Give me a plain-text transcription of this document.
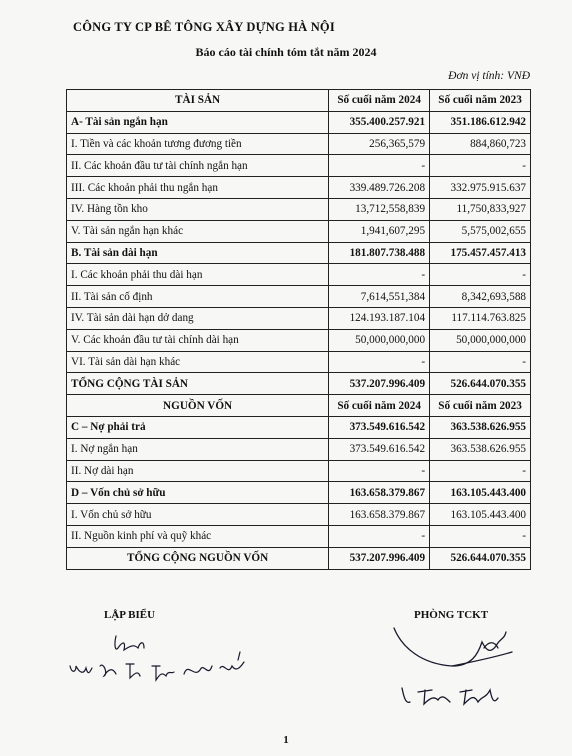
CÔNG TY CP BÊ TÔNG XÂY DỰNG HÀ NỘI
Báo cáo tài chính tóm tắt năm 2024
Đơn vị tính: VNĐ
TÀI SẢN	Số cuối năm 2024	Số cuối năm 2023
A- Tài sản ngắn hạn	355.400.257.921	351.186.612.942
I. Tiền và các khoản tương đương tiền	256,365,579	884,860,723
II. Các khoản đầu tư tài chính ngắn hạn	-	-
III. Các khoản phải thu ngắn hạn	339.489.726.208	332.975.915.637
IV. Hàng tồn kho	13,712,558,839	11,750,833,927
V. Tài sản ngắn hạn khác	1,941,607,295	5,575,002,655
B. Tài sản dài hạn	181.807.738.488	175.457.457.413
I. Các khoản phải thu dài hạn	-	-
II. Tài sản cố định	7,614,551,384	8,342,693,588
IV. Tài sản dài hạn dở dang	124.193.187.104	117.114.763.825
V. Các khoản đầu tư tài chính dài hạn	50,000,000,000	50,000,000,000
VI. Tài sản dài hạn khác	-	-
TỔNG CỘNG TÀI SẢN	537.207.996.409	526.644.070.355
NGUỒN VỐN	Số cuối năm 2024	Số cuối năm 2023
C – Nợ phải trả	373.549.616.542	363.538.626.955
I. Nợ ngắn hạn	373.549.616.542	363.538.626.955
II. Nợ dài hạn	-	-
D – Vốn chủ sở hữu	163.658.379.867	163.105.443.400
I. Vốn chủ sở hữu	163.658.379.867	163.105.443.400
II. Nguồn kinh phí và quỹ khác	-	-
TỔNG CỘNG NGUỒN VỐN	537.207.996.409	526.644.070.355
LẬP BIỂU	PHÒNG TCKT
1
